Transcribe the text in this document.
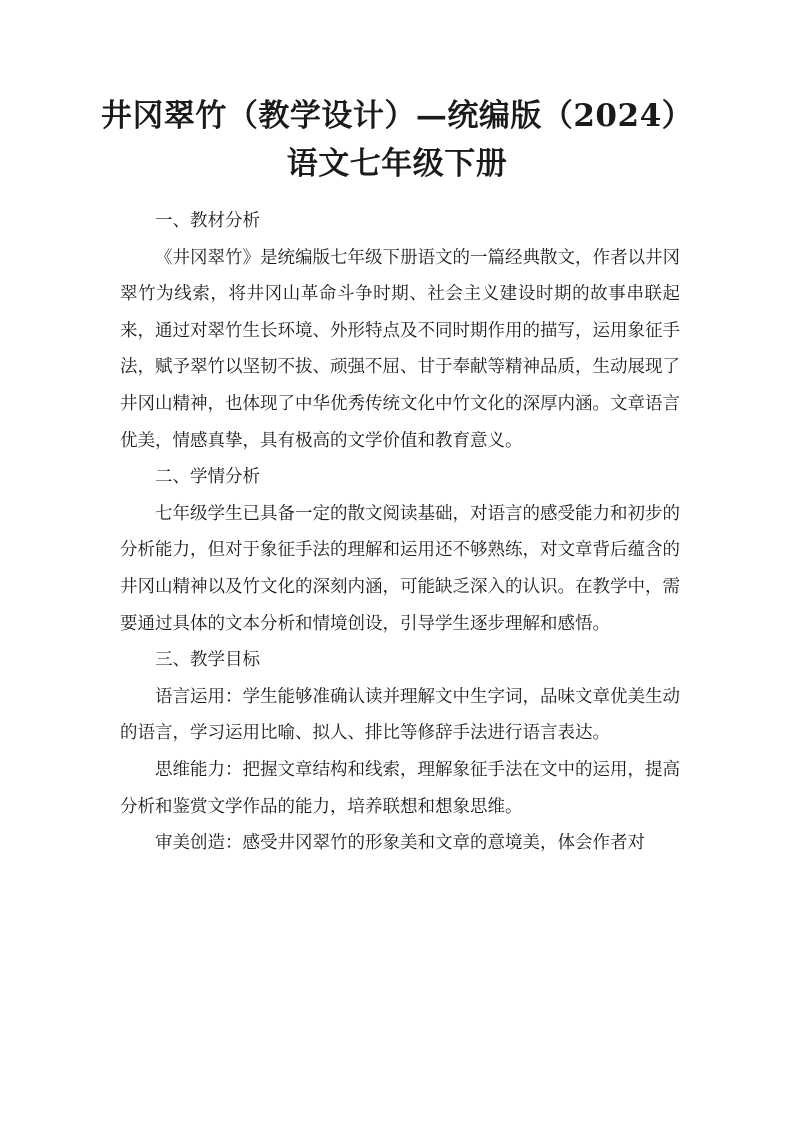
井冈翠竹（教学设计）—统编版（2024）
语文七年级下册

一、教材分析

《井冈翠竹》是统编版七年级下册语文的一篇经典散文，作者以井冈翠竹为线索，将井冈山革命斗争时期、社会主义建设时期的故事串联起来，通过对翠竹生长环境、外形特点及不同时期作用的描写，运用象征手法，赋予翠竹以坚韧不拔、顽强不屈、甘于奉献等精神品质，生动展现了井冈山精神，也体现了中华优秀传统文化中竹文化的深厚内涵。文章语言优美，情感真挚，具有极高的文学价值和教育意义。

二、学情分析

七年级学生已具备一定的散文阅读基础，对语言的感受能力和初步的分析能力，但对于象征手法的理解和运用还不够熟练，对文章背后蕴含的井冈山精神以及竹文化的深刻内涵，可能缺乏深入的认识。在教学中，需要通过具体的文本分析和情境创设，引导学生逐步理解和感悟。

三、教学目标

语言运用：学生能够准确认读并理解文中生字词，品味文章优美生动的语言，学习运用比喻、拟人、排比等修辞手法进行语言表达。

思维能力：把握文章结构和线索，理解象征手法在文中的运用，提高分析和鉴赏文学作品的能力，培养联想和想象思维。

审美创造：感受井冈翠竹的形象美和文章的意境美，体会作者对
